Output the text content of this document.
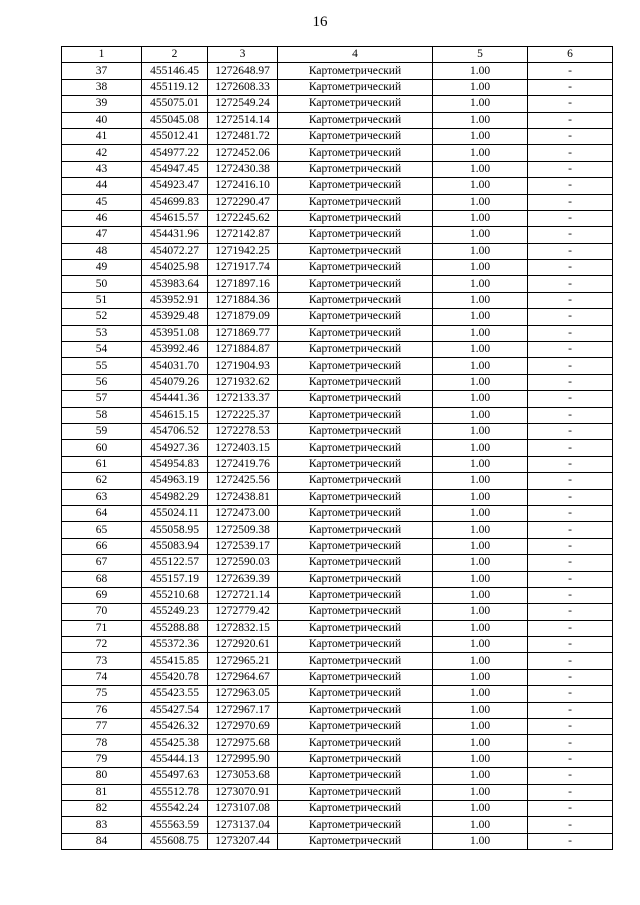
16
1	2	3	4	5	6
37	455146.45	1272648.97	Картометрический	1.00	-
38	455119.12	1272608.33	Картометрический	1.00	-
39	455075.01	1272549.24	Картометрический	1.00	-
40	455045.08	1272514.14	Картометрический	1.00	-
41	455012.41	1272481.72	Картометрический	1.00	-
42	454977.22	1272452.06	Картометрический	1.00	-
43	454947.45	1272430.38	Картометрический	1.00	-
44	454923.47	1272416.10	Картометрический	1.00	-
45	454699.83	1272290.47	Картометрический	1.00	-
46	454615.57	1272245.62	Картометрический	1.00	-
47	454431.96	1272142.87	Картометрический	1.00	-
48	454072.27	1271942.25	Картометрический	1.00	-
49	454025.98	1271917.74	Картометрический	1.00	-
50	453983.64	1271897.16	Картометрический	1.00	-
51	453952.91	1271884.36	Картометрический	1.00	-
52	453929.48	1271879.09	Картометрический	1.00	-
53	453951.08	1271869.77	Картометрический	1.00	-
54	453992.46	1271884.87	Картометрический	1.00	-
55	454031.70	1271904.93	Картометрический	1.00	-
56	454079.26	1271932.62	Картометрический	1.00	-
57	454441.36	1272133.37	Картометрический	1.00	-
58	454615.15	1272225.37	Картометрический	1.00	-
59	454706.52	1272278.53	Картометрический	1.00	-
60	454927.36	1272403.15	Картометрический	1.00	-
61	454954.83	1272419.76	Картометрический	1.00	-
62	454963.19	1272425.56	Картометрический	1.00	-
63	454982.29	1272438.81	Картометрический	1.00	-
64	455024.11	1272473.00	Картометрический	1.00	-
65	455058.95	1272509.38	Картометрический	1.00	-
66	455083.94	1272539.17	Картометрический	1.00	-
67	455122.57	1272590.03	Картометрический	1.00	-
68	455157.19	1272639.39	Картометрический	1.00	-
69	455210.68	1272721.14	Картометрический	1.00	-
70	455249.23	1272779.42	Картометрический	1.00	-
71	455288.88	1272832.15	Картометрический	1.00	-
72	455372.36	1272920.61	Картометрический	1.00	-
73	455415.85	1272965.21	Картометрический	1.00	-
74	455420.78	1272964.67	Картометрический	1.00	-
75	455423.55	1272963.05	Картометрический	1.00	-
76	455427.54	1272967.17	Картометрический	1.00	-
77	455426.32	1272970.69	Картометрический	1.00	-
78	455425.38	1272975.68	Картометрический	1.00	-
79	455444.13	1272995.90	Картометрический	1.00	-
80	455497.63	1273053.68	Картометрический	1.00	-
81	455512.78	1273070.91	Картометрический	1.00	-
82	455542.24	1273107.08	Картометрический	1.00	-
83	455563.59	1273137.04	Картометрический	1.00	-
84	455608.75	1273207.44	Картометрический	1.00	-
